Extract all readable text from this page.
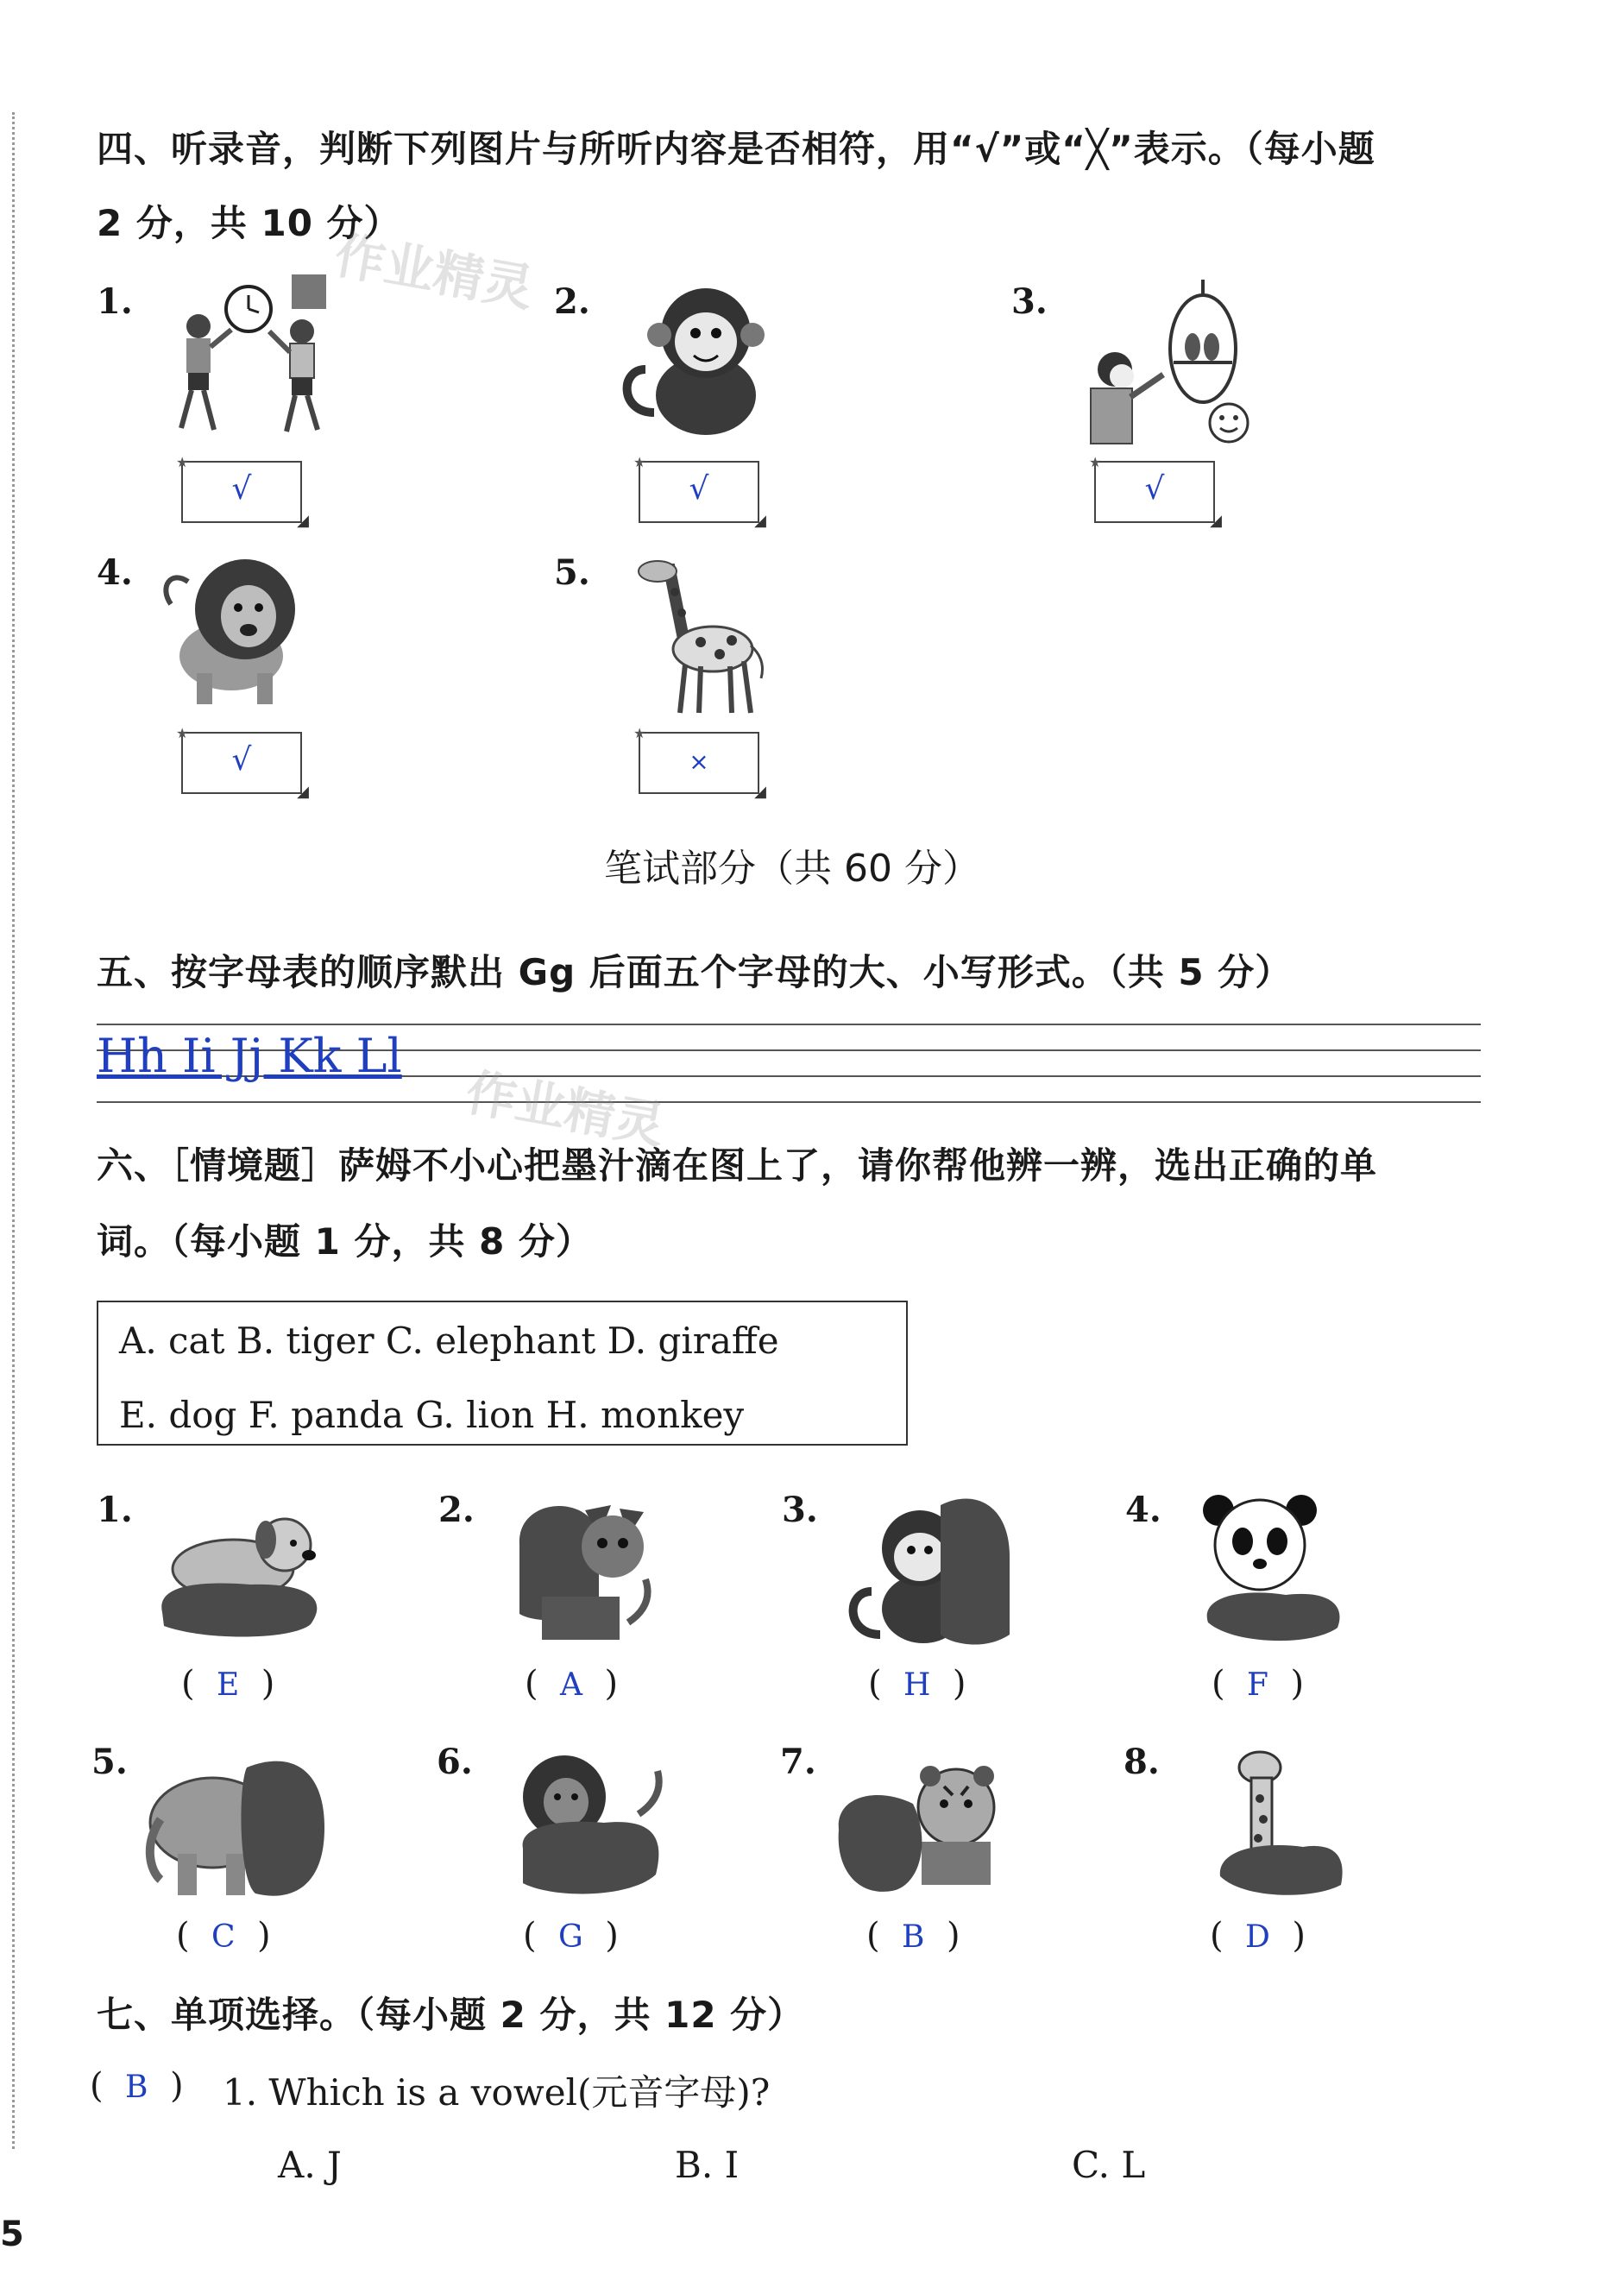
四、听录音，判断下列图片与所听内容是否相符，用“√”或“╳”表示。（每小题
2 分，共 10 分）
作业精灵
1.
★
◢
√
2.
★
◢
√
3.
★
◢
√
4.
★
◢
√
5.
★
◢
×
笔试部分（共 60 分）
五、按字母表的顺序默出 Gg 后面五个字母的大、小写形式。（共 5 分）
Hh Ii Jj Kk Ll
作业精灵
六、［情境题］萨姆不小心把墨汁滴在图上了，请你帮他辨一辨，选出正确的单
词。（每小题 1 分，共 8 分）
A. cat B. tiger C. elephant D. giraffe
E. dog F. panda G. lion H. monkey
1.
(  E  )
2.
(  A  )
3.
(  H  )
4.
(  F  )
5.
(  C  )
6.
(  G  )
7.
(  B  )
8.
(  D  )
七、单项选择。（每小题 2 分，共 12 分）
(  B  ) 1. Which is a vowel(元音字母)?
A. J	B. I	C. L
5
